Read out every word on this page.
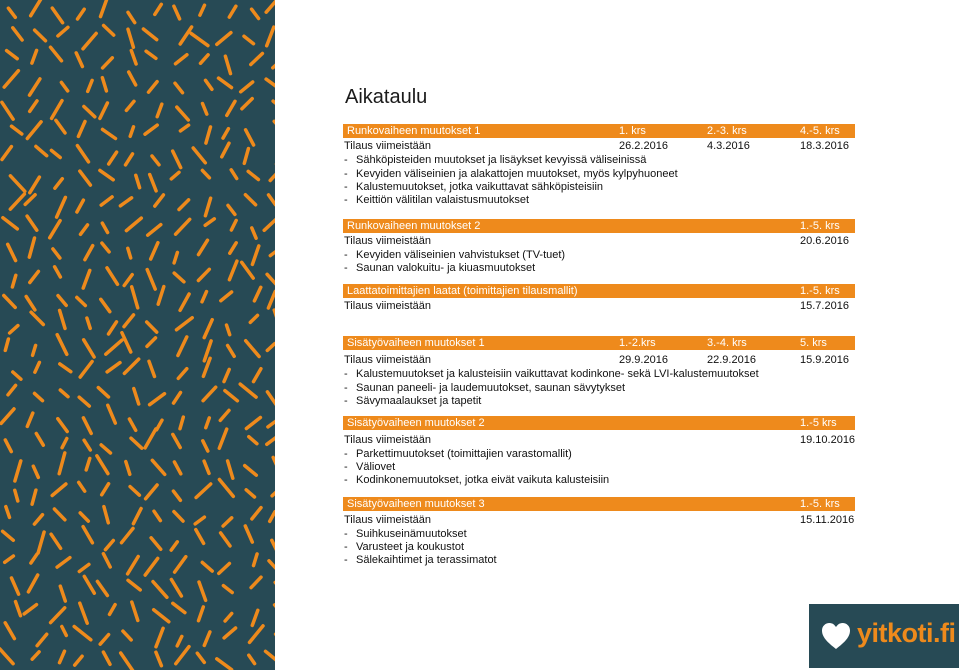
Aikataulu
Runkovaiheen muutokset 1	1. krs	2.-3. krs	4.-5. krs
Tilaus viimeistään	26.2.2016	4.3.2016	18.3.2016
- Sähköpisteiden muutokset ja lisäykset kevyissä väliseinissä
- Kevyiden väliseinien ja alakattojen muutokset, myös kylpyhuoneet
- Kalustemuutokset, jotka vaikuttavat sähköpisteisiin
- Keittiön välitilan valaistusmuutokset
Runkovaiheen muutokset 2	1.-5. krs
Tilaus viimeistään	20.6.2016
- Kevyiden väliseinien vahvistukset (TV-tuet)
- Saunan valokuitu- ja kiuasmuutokset
Laattatoimittajien laatat (toimittajien tilausmallit)	1.-5. krs
Tilaus viimeistään	15.7.2016
Sisätyövaiheen muutokset 1	1.-2.krs	3.-4. krs	5. krs
Tilaus viimeistään	29.9.2016	22.9.2016	15.9.2016
- Kalustemuutokset ja kalusteisiin vaikuttavat kodinkone- sekä LVI-kalustemuutokset
- Saunan paneeli- ja laudemuutokset, saunan sävytykset
- Sävymaalaukset ja tapetit
Sisätyövaiheen muutokset 2	1.-5 krs
Tilaus viimeistään	19.10.2016
- Parkettimuutokset (toimittajien varastomallit)
- Väliovet
- Kodinkonemuutokset, jotka eivät vaikuta kalusteisiin
Sisätyövaiheen muutokset 3	1.-5. krs
Tilaus viimeistään	15.11.2016
- Suihkuseinämuutokset
- Varusteet ja koukustot
- Sälekaihtimet ja terassimatot
yitkoti.fi
